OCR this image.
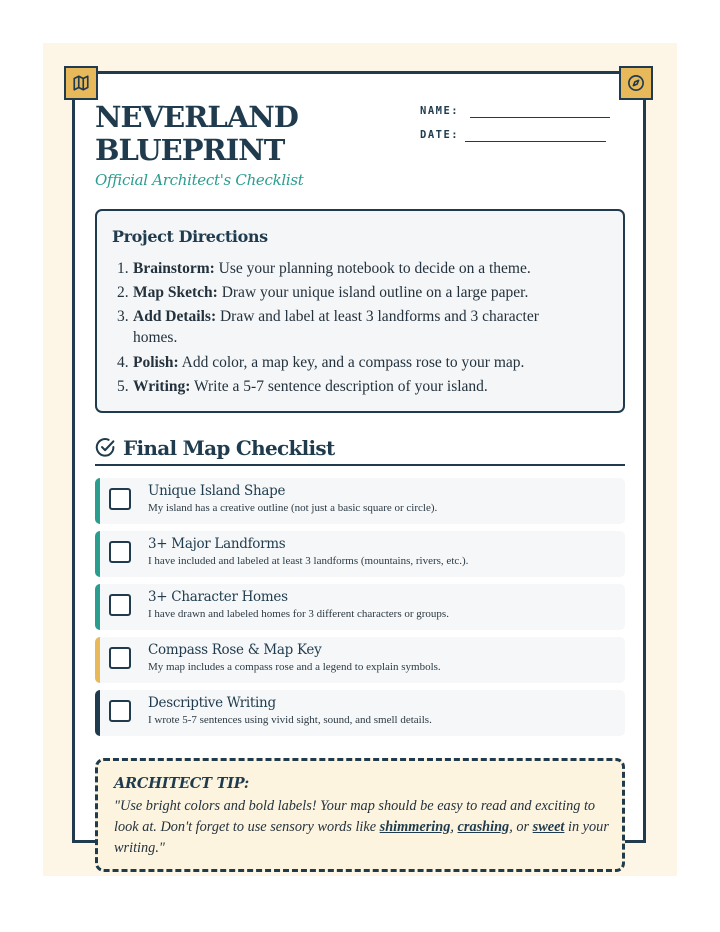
NEVERLAND BLUEPRINT
Official Architect's Checklist
NAME:
DATE:
Project Directions
1. Brainstorm: Use your planning notebook to decide on a theme.
2. Map Sketch: Draw your unique island outline on a large paper.
3. Add Details: Draw and label at least 3 landforms and 3 character homes.
4. Polish: Add color, a map key, and a compass rose to your map.
5. Writing: Write a 5-7 sentence description of your island.
Final Map Checklist
Unique Island Shape
My island has a creative outline (not just a basic square or circle).
3+ Major Landforms
I have included and labeled at least 3 landforms (mountains, rivers, etc.).
3+ Character Homes
I have drawn and labeled homes for 3 different characters or groups.
Compass Rose & Map Key
My map includes a compass rose and a legend to explain symbols.
Descriptive Writing
I wrote 5-7 sentences using vivid sight, sound, and smell details.
ARCHITECT TIP:
"Use bright colors and bold labels! Your map should be easy to read and exciting to look at. Don't forget to use sensory words like shimmering, crashing, or sweet in your writing."
